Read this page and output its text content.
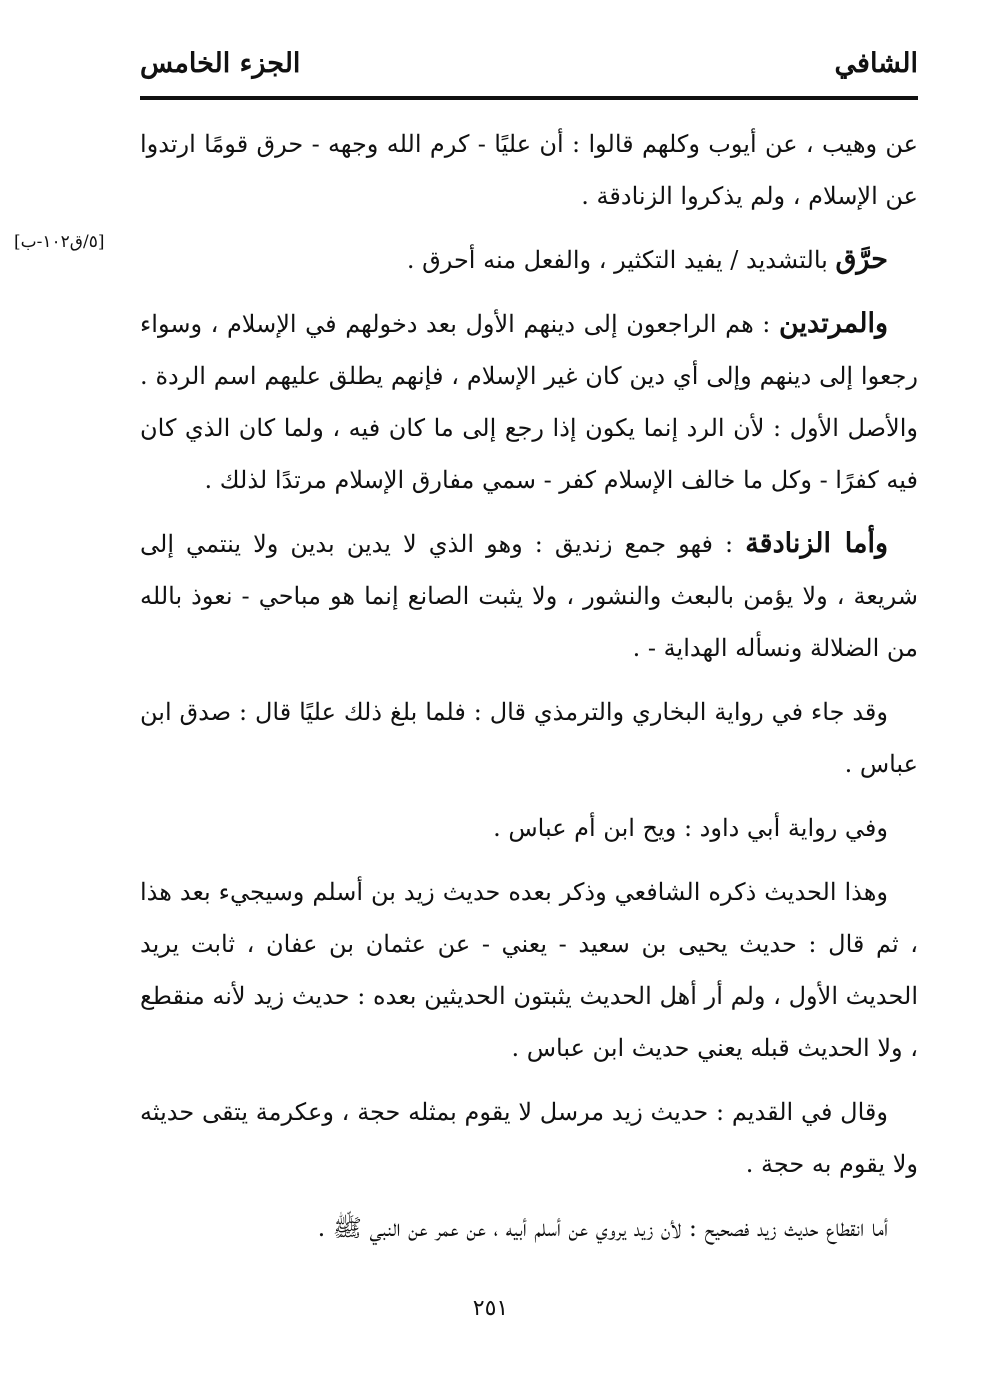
الشافي
الجزء الخامس
[٥/ق١٠٢-ب]

عن وهيب ، عن أيوب وكلهم قالوا : أن عليًا - كرم الله وجهه - حرق قومًا ارتدوا عن الإسلام ، ولم يذكروا الزنادقة .

حرَّق بالتشديد / يفيد التكثير ، والفعل منه أحرق .

والمرتدين : هم الراجعون إلى دينهم الأول بعد دخولهم في الإسلام ، وسواء رجعوا إلى دينهم وإلى أي دين كان غير الإسلام ، فإنهم يطلق عليهم اسم الردة . والأصل الأول : لأن الرد إنما يكون إذا رجع إلى ما كان فيه ، ولما كان الذي كان فيه كفرًا - وكل ما خالف الإسلام كفر - سمي مفارق الإسلام مرتدًا لذلك .

وأما الزنادقة : فهو جمع زنديق : وهو الذي لا يدين بدين ولا ينتمي إلى شريعة ، ولا يؤمن بالبعث والنشور ، ولا يثبت الصانع إنما هو مباحي - نعوذ بالله من الضلالة ونسأله الهداية - .

وقد جاء في رواية البخاري والترمذي قال : فلما بلغ ذلك عليًا قال : صدق ابن عباس .

وفي رواية أبي داود : ويح ابن أم عباس .

وهذا الحديث ذكره الشافعي وذكر بعده حديث زيد بن أسلم وسيجيء بعد هذا ، ثم قال : حديث يحيى بن سعيد - يعني - عن عثمان بن عفان ، ثابت يريد الحديث الأول ، ولم أر أهل الحديث يثبتون الحديثين بعده : حديث زيد لأنه منقطع ، ولا الحديث قبله يعني حديث ابن عباس .

وقال في القديم : حديث زيد مرسل لا يقوم بمثله حجة ، وعكرمة يتقى حديثه ولا يقوم به حجة .

أما انقطاع حديث زيد فصحيح : لأن زيد يروي عن أسلم أبيه ، عن عمر عن النبي ﷺ .

٢٥١
